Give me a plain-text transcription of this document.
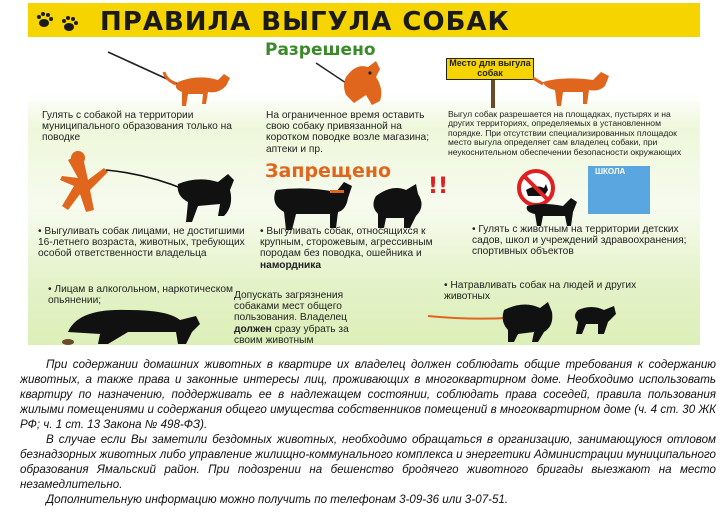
ПРАВИЛА ВЫГУЛА СОБАК
Разрешено
Гулять с собакой на территории муниципального образования только на поводке
На ограниченное время оставить свою собаку привязанной на коротком поводке возле магазина; аптеки и пр.
Место для выгула собак
Выгул собак разрешается на площадках, пустырях и на других территориях, определяемых в установленном порядке. При отсутствии специализированных площадок место выгула определяет сам владелец собаки, при неукоснительном обеспечении безопасности окружающих
Запрещено
• Выгуливать собак лицами, не достигшими 16-летнего возраста, животных, требующих особой ответственности владельца
!!
• Выгуливать собак, относящихся к крупным, сторожевым, агрессивным породам без поводка, ошейника и намордника
ШКОЛА
• Гулять с животным на территории детских садов, школ и учреждений здравоохранения; спортивных объектов
• Лицам в алкогольном, наркотическом опьянении;	Допускать загрязнения собаками мест общего пользования. Владелец должен сразу убрать за своим животным
• Натравливать собак на людей и других животных

При содержании домашних животных в квартире их владелец должен соблюдать общие требования к содержанию животных, а также права и законные интересы лиц, проживающих в многоквартирном доме. Необходимо использовать квартиру по назначению, поддерживать ее в надлежащем состоянии, соблюдать права соседей, правила пользования жилыми помещениями и содержания общего имущества собственников помещений в многоквартирном доме (ч. 4 ст. 30 ЖК РФ; ч. 1 ст. 13 Закона № 498-ФЗ).

В случае если Вы заметили бездомных животных, необходимо обращаться в организацию, занимающуюся отловом безнадзорных животных либо управление жилищно-коммунального комплекса и энергетики Администрации муниципального образования Ямальский район. При подозрении на бешенство бродячего животного бригады выезжают на место незамедлительно.

Дополнительную информацию можно получить по телефонам 3-09-36 или 3-07-51.
